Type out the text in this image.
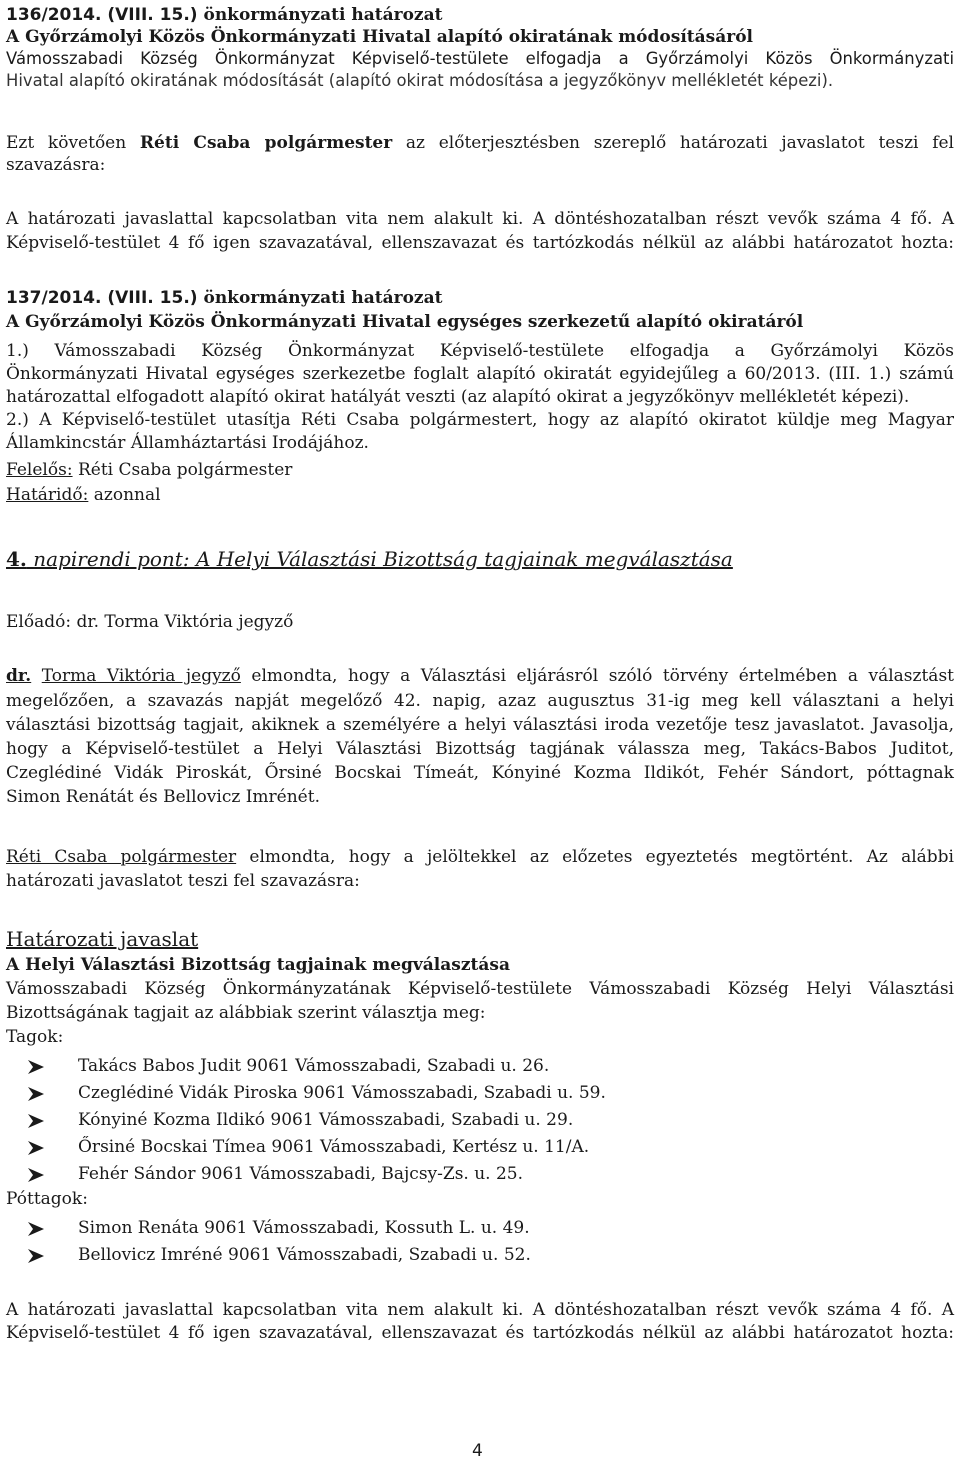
136/2014. (VIII. 15.) önkormányzati határozat
A Győrzámolyi Közös Önkormányzati Hivatal alapító okiratának módosításáról
Vámosszabadi Község Önkormányzat Képviselő-testülete elfogadja a Győrzámolyi Közös Önkormányzati
Hivatal alapító okiratának módosítását (alapító okirat módosítása a jegyzőkönyv mellékletét képezi).
Ezt követően Réti Csaba polgármester az előterjesztésben szereplő határozati javaslatot teszi fel
szavazásra:
A határozati javaslattal kapcsolatban vita nem alakult ki. A döntéshozatalban részt vevők száma 4 fő. A
Képviselő-testület 4 fő igen szavazatával, ellenszavazat és tartózkodás nélkül az alábbi határozatot hozta:
137/2014. (VIII. 15.) önkormányzati határozat
A Győrzámolyi Közös Önkormányzati Hivatal egységes szerkezetű alapító okiratáról
1.) Vámosszabadi Község Önkormányzat Képviselő-testülete elfogadja a Győrzámolyi Közös
Önkormányzati Hivatal egységes szerkezetbe foglalt alapító okiratát egyidejűleg a 60/2013. (III. 1.) számú
határozattal elfogadott alapító okirat hatályát veszti (az alapító okirat a jegyzőkönyv mellékletét képezi).
2.) A Képviselő-testület utasítja Réti Csaba polgármestert, hogy az alapító okiratot küldje meg Magyar
Államkincstár Államháztartási Irodájához.
Felelős: Réti Csaba polgármester
Határidő: azonnal
4. napirendi pont: A Helyi Választási Bizottság tagjainak megválasztása
Előadó: dr. Torma Viktória jegyző
dr. Torma Viktória jegyző elmondta, hogy a Választási eljárásról szóló törvény értelmében a választást
megelőzően, a szavazás napját megelőző 42. napig, azaz augusztus 31-ig meg kell választani a helyi
választási bizottság tagjait, akiknek a személyére a helyi választási iroda vezetője tesz javaslatot. Javasolja,
hogy a Képviselő-testület a Helyi Választási Bizottság tagjának válassza meg, Takács-Babos Juditot,
Czeglédiné Vidák Piroskát, Őrsiné Bocskai Tímeát, Kónyiné Kozma Ildikót, Fehér Sándort, póttagnak
Simon Renátát és Bellovicz Imrénét.
Réti Csaba polgármester elmondta, hogy a jelöltekkel az előzetes egyeztetés megtörtént. Az alábbi
határozati javaslatot teszi fel szavazásra:
Határozati javaslat
A Helyi Választási Bizottság tagjainak megválasztása
Vámosszabadi Község Önkormányzatának Képviselő-testülete Vámosszabadi Község Helyi Választási
Bizottságának tagjait az alábbiak szerint választja meg:
Tagok:
Takács Babos Judit 9061 Vámosszabadi, Szabadi u. 26.
Czeglédiné Vidák Piroska 9061 Vámosszabadi, Szabadi u. 59.
Kónyiné Kozma Ildikó 9061 Vámosszabadi, Szabadi u. 29.
Őrsiné Bocskai Tímea 9061 Vámosszabadi, Kertész u. 11/A.
Fehér Sándor 9061 Vámosszabadi, Bajcsy-Zs. u. 25.
Póttagok:
Simon Renáta 9061 Vámosszabadi, Kossuth L. u. 49.
Bellovicz Imréné 9061 Vámosszabadi, Szabadi u. 52.
A határozati javaslattal kapcsolatban vita nem alakult ki. A döntéshozatalban részt vevők száma 4 fő. A
Képviselő-testület 4 fő igen szavazatával, ellenszavazat és tartózkodás nélkül az alábbi határozatot hozta:
4
